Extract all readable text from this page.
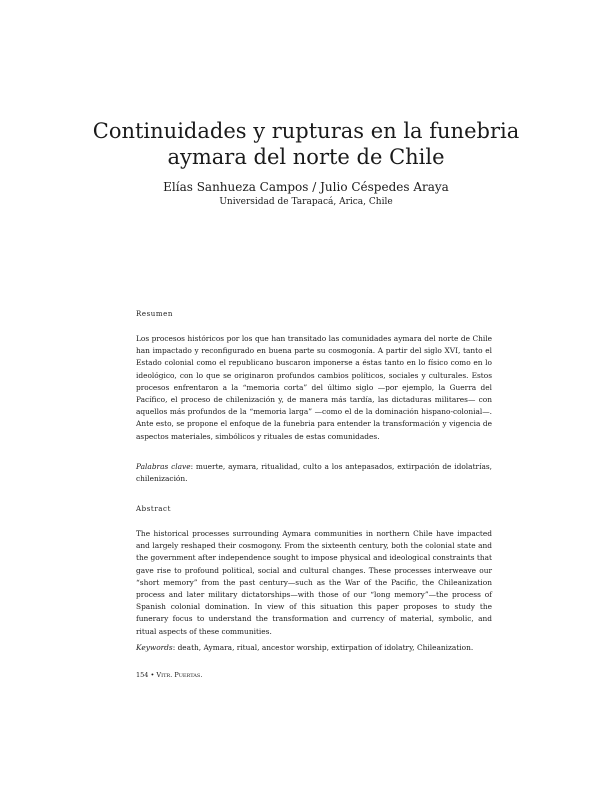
Continuidades y rupturas en la funebria
aymara del norte de Chile

Elías Sanhueza Campos / Julio Céspedes Araya

Universidad de Tarapacá, Arica, Chile

Resumen

Los procesos históricos por los que han transitado las comunidades aymara del norte de Chile han impactado y reconfigurado en buena parte su cosmogonía. A partir del siglo XVI, tanto el Estado colonial como el republicano buscaron imponerse a éstas tanto en lo físico como en lo ideológico, con lo que se originaron profundos cambios políticos, sociales y culturales. Estos procesos enfrentaron a la “memoria corta” del último siglo —por ejemplo, la Guerra del Pacífico, el proceso de chilenización y, de manera más tardía, las dictaduras militares— con aquellos más profundos de la “memoria larga” —como el de la dominación hispano-colonial—. Ante esto, se propone el enfoque de la funebria para entender la transformación y vigencia de aspectos materiales, simbólicos y rituales de estas comunidades.

Palabras clave: muerte, aymara, ritualidad, culto a los antepasados, extirpación de idolatrías, chilenización.

Abstract

The historical processes surrounding Aymara communities in northern Chile have impacted and largely reshaped their cosmogony. From the sixteenth century, both the colonial state and the government after independence sought to impose physical and ideological constraints that gave rise to profound political, social and cultural changes. These processes interweave our “short memory” from the past century—such as the War of the Pacific, the Chileanization process and later military dictatorships—with those of our “long memory”—the process of Spanish colonial domination. In view of this situation this paper proposes to study the funerary focus to understand the transformation and currency of material, symbolic, and ritual aspects of these communities.

Keywords: death, Aymara, ritual, ancestor worship, extirpation of idolatry, Chileanization.

154 • Vitr. Puertas.
